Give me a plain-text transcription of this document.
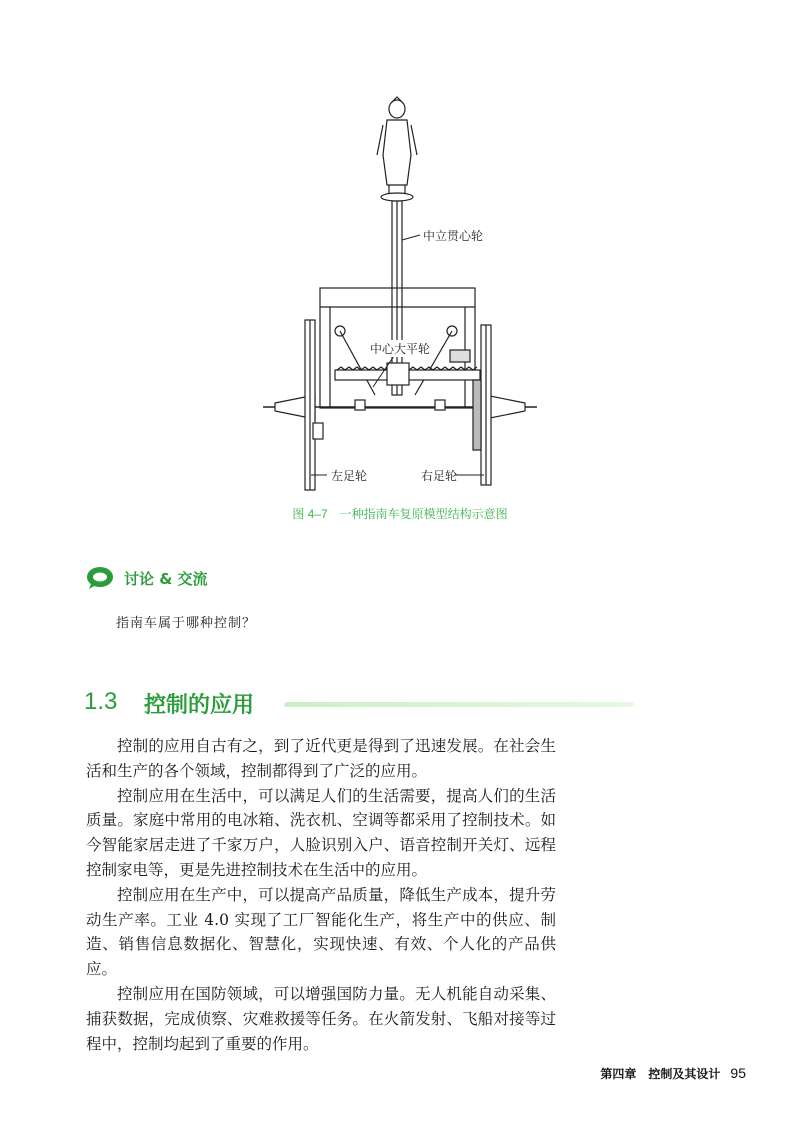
中立贯心轮
中心大平轮
左足轮	右足轮
图 4–7　一种指南车复原模型结构示意图
讨论 & 交流
指南车属于哪种控制？
1.3 控制的应用

控制的应用自古有之，到了近代更是得到了迅速发展。在社会生活和生产的各个领域，控制都得到了广泛的应用。

控制应用在生活中，可以满足人们的生活需要，提高人们的生活质量。家庭中常用的电冰箱、洗衣机、空调等都采用了控制技术。如今智能家居走进了千家万户，人脸识别入户、语音控制开关灯、远程控制家电等，更是先进控制技术在生活中的应用。

控制应用在生产中，可以提高产品质量，降低生产成本，提升劳动生产率。工业 4.0 实现了工厂智能化生产，将生产中的供应、制造、销售信息数据化、智慧化，实现快速、有效、个人化的产品供应。

控制应用在国防领域，可以增强国防力量。无人机能自动采集、捕获数据，完成侦察、灾难救援等任务。在火箭发射、飞船对接等过程中，控制均起到了重要的作用。

第四章　控制及其设计 95
